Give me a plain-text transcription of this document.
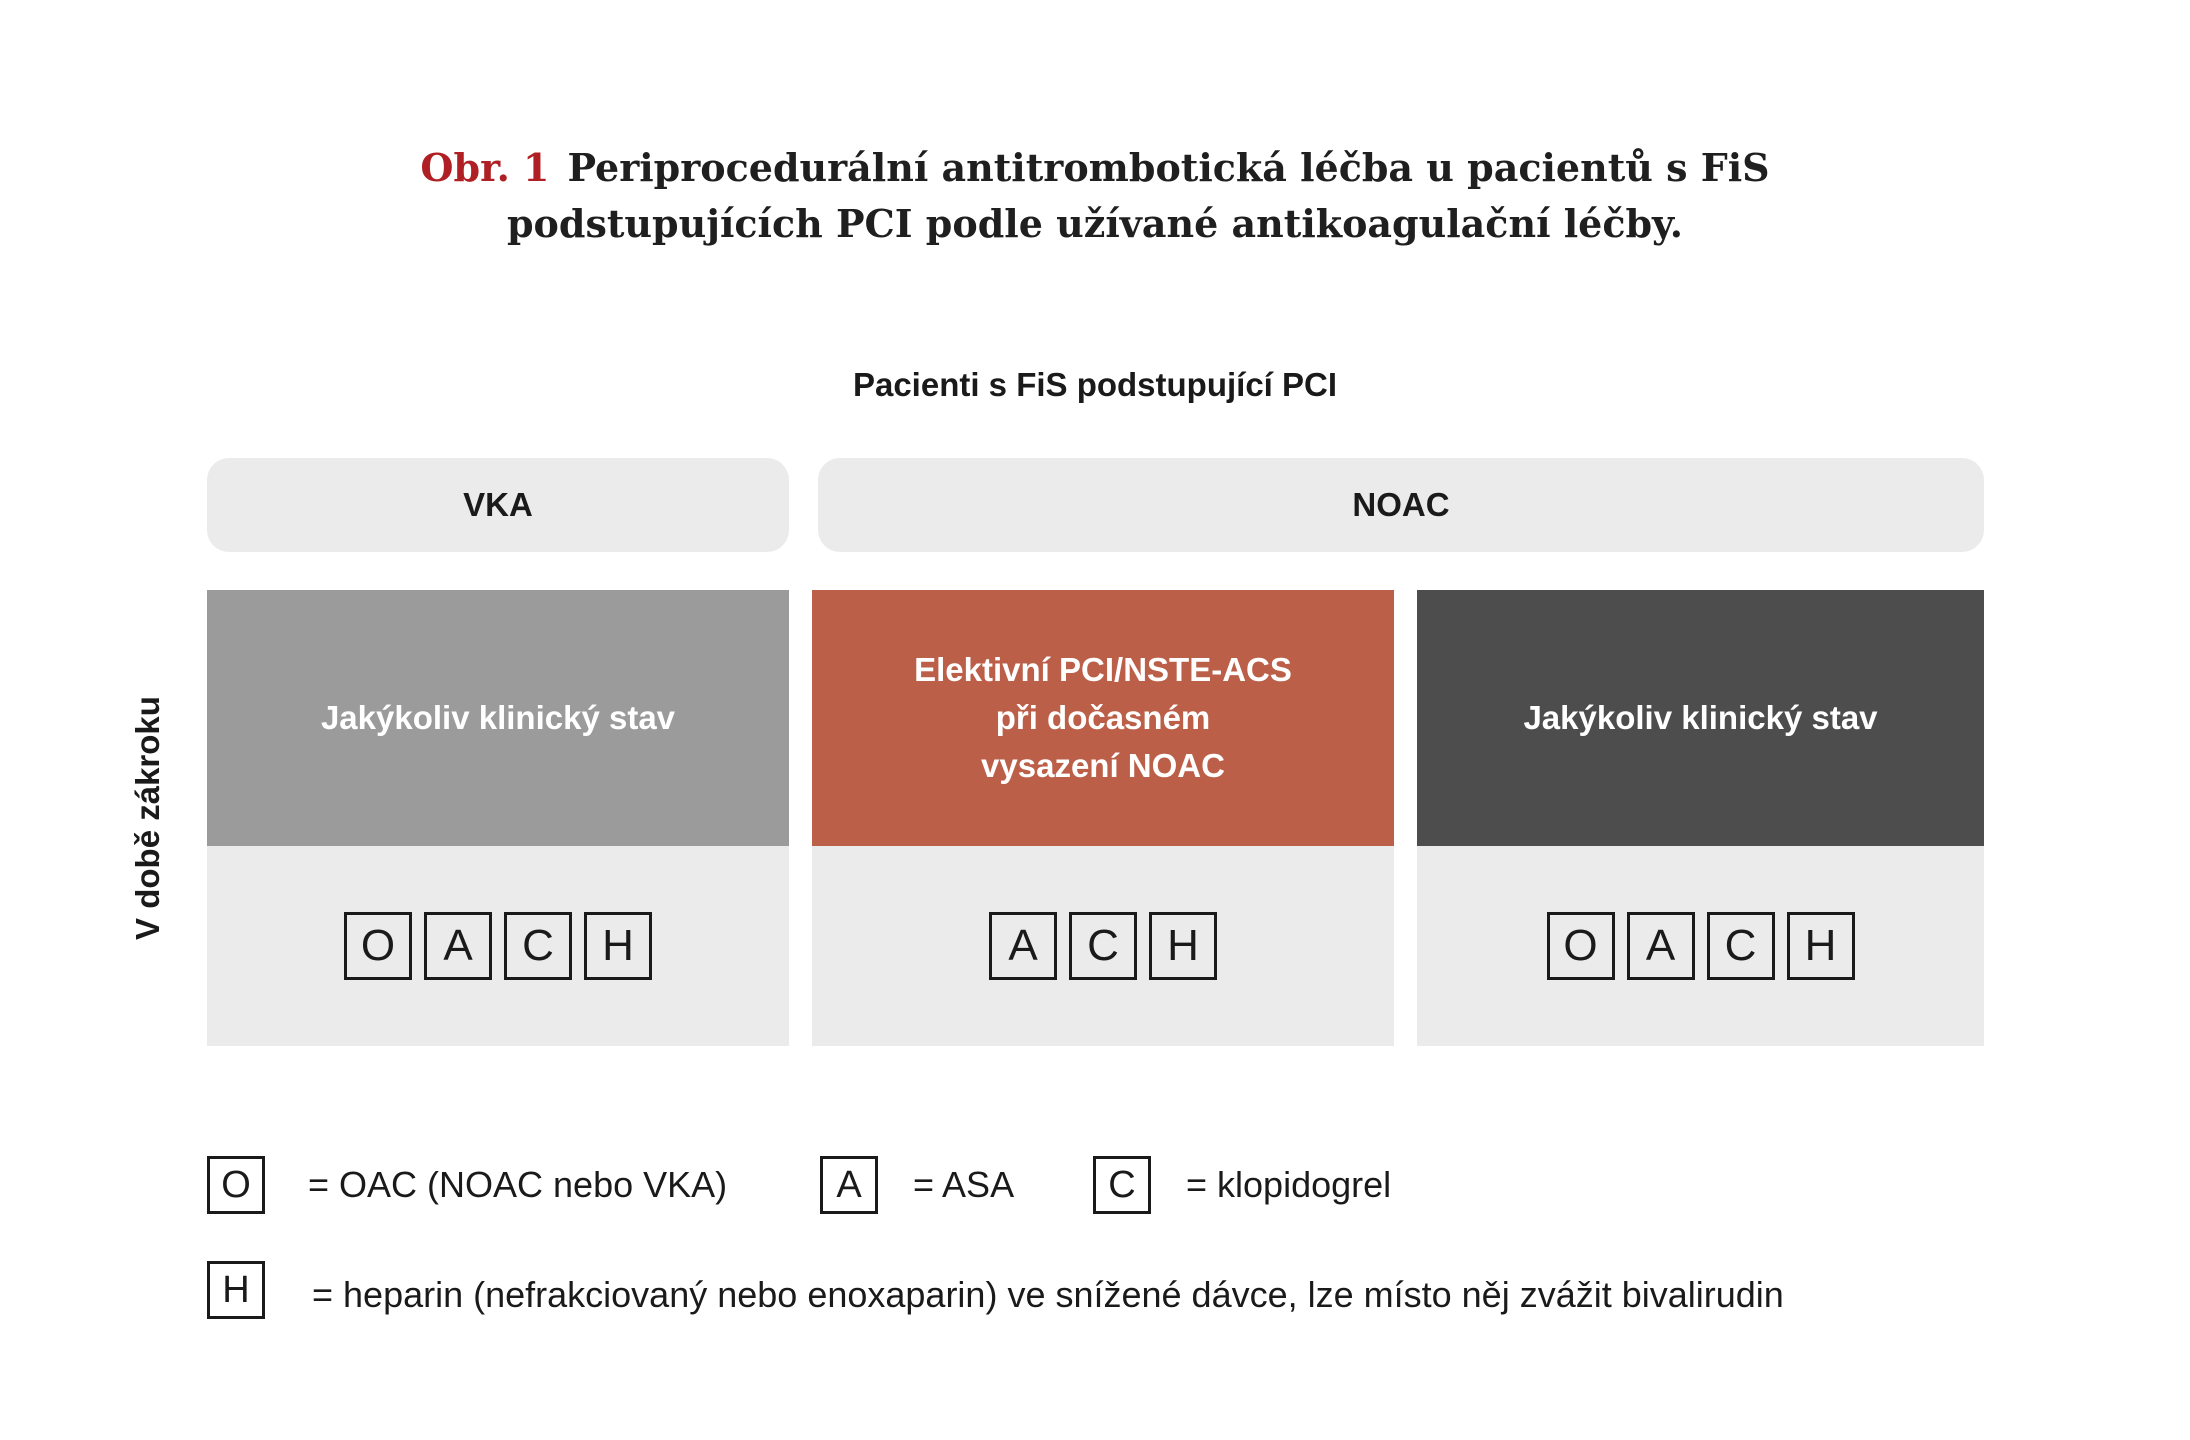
Obr. 1 Periprocedurální antitrombotická léčba u pacientů s FiS
podstupujících PCI podle užívané antikoagulační léčby.
Pacienti s FiS podstupující PCI
VKA	NOAC
V době zákroku	Jakýkoliv klinický stav
O	A	C	H
Elektivní PCI/NSTE-ACS
při dočasném
vysazení NOAC
A	C	H
Jakýkoliv klinický stav
O	A	C	H
O	= OAC (NOAC nebo VKA)	A	= ASA	C	= klopidogrel
H	= heparin (nefrakciovaný nebo enoxaparin) ve snížené dávce, lze místo něj zvážit bivalirudin
